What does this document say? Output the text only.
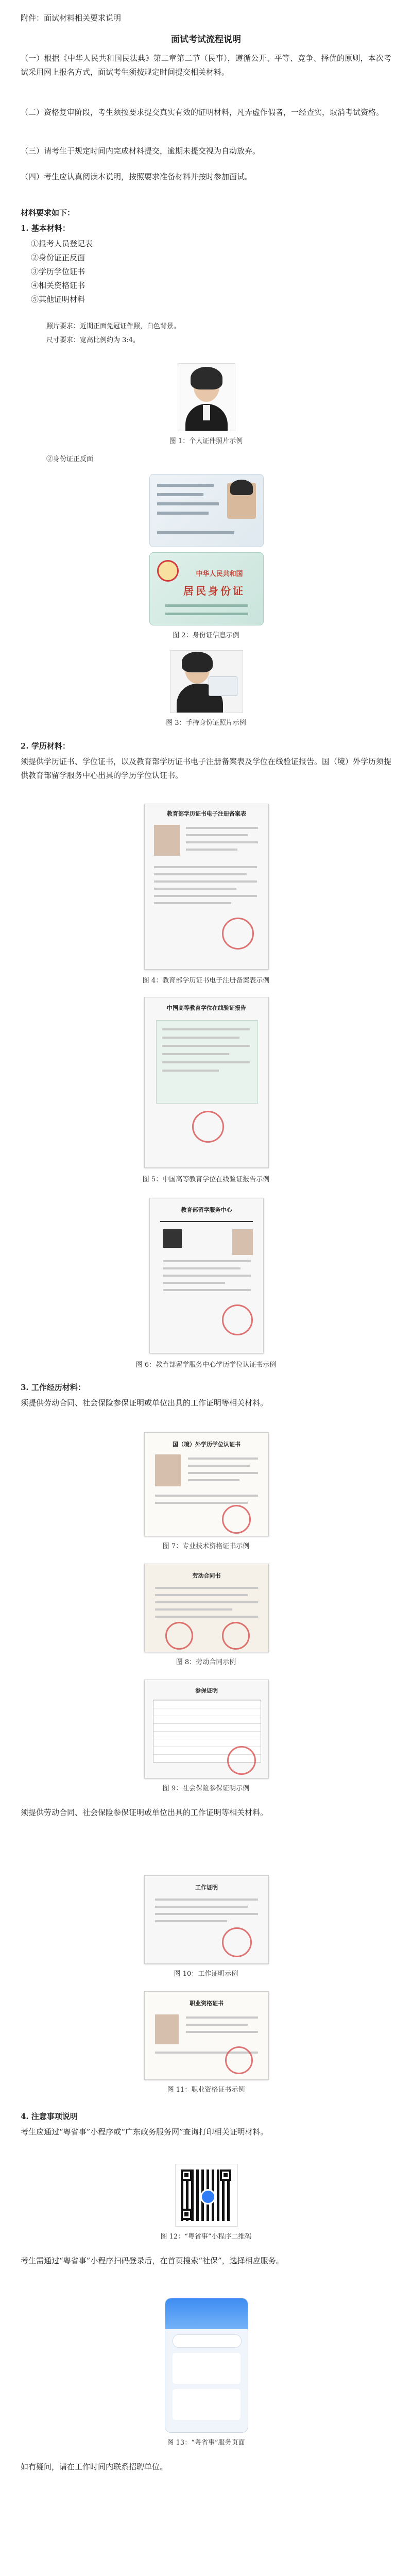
附件：面试材料相关要求说明
面试考试流程说明
（一）根据《中华人民共和国民法典》第二章第二节（民事），遵循公开、平等、竞争、择优的原则，本次考试采用网上报名方式，面试考生须按规定时间提交相关材料。
（二）资格复审阶段，考生须按要求提交真实有效的证明材料，凡弄虚作假者，一经查实，取消考试资格。
（三）请考生于规定时间内完成材料提交，逾期未提交视为自动放弃。
（四）考生应认真阅读本说明，按照要求准备材料并按时参加面试。
材料要求如下：
1. 基本材料：
①报考人员登记表
②身份证正反面
③学历学位证书
④相关资格证书
⑤其他证明材料
照片要求：近期正面免冠证件照，白色背景。
尺寸要求：宽高比例约为 3:4。
图 1：个人证件照片示例
②身份证正反面
中华人民共和国
居民身份证
图 2：身份证信息示例
图 3：手持身份证照片示例
2. 学历材料：
须提供学历证书、学位证书，以及教育部学历证书电子注册备案表及学位在线验证报告。国（境）外学历须提供教育部留学服务中心出具的学历学位认证书。
教育部学历证书电子注册备案表
图 4：教育部学历证书电子注册备案表示例
中国高等教育学位在线验证报告
图 5：中国高等教育学位在线验证报告示例
教育部留学服务中心
图 6：教育部留学服务中心学历学位认证书示例
3. 工作经历材料：
须提供劳动合同、社会保险参保证明或单位出具的工作证明等相关材料。
国（境）外学历学位认证书
图 7：专业技术资格证书示例
劳动合同书
图 8：劳动合同示例
参保证明
图 9：社会保险参保证明示例
须提供劳动合同、社会保险参保证明或单位出具的工作证明等相关材料。
工作证明
图 10：工作证明示例
职业资格证书
图 11：职业资格证书示例
4. 注意事项说明
考生应通过“粤省事”小程序或“广东政务服务网”查询打印相关证明材料。
图 12：“粤省事”小程序二维码
考生需通过“粤省事”小程序扫码登录后，在首页搜索“社保”，选择相应服务。
图 13：“粤省事”服务页面
如有疑问，请在工作时间内联系招聘单位。
